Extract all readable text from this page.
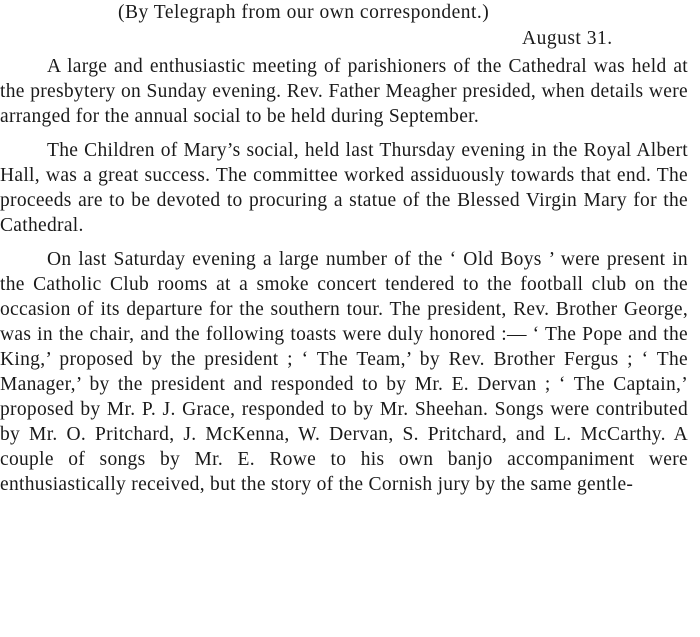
(By Telegraph from our own correspondent.)
August 31.

A large and enthusiastic meeting of parishioners of the Cathedral was held at the presbytery on Sunday evening. Rev. Father Meagher presided, when details were arranged for the annual social to be held during September.

The Children of Mary’s social, held last Thursday evening in the Royal Albert Hall, was a great success. The committee worked assiduously towards that end. The proceeds are to be devoted to procuring a statue of the Blessed Virgin Mary for the Cathedral.

On last Saturday evening a large number of the ‘ Old Boys ’ were present in the Catholic Club rooms at a smoke concert tendered to the football club on the occasion of its departure for the southern tour. The president, Rev. Brother George, was in the chair, and the following toasts were duly honored :— ‘ The Pope and the King,’ proposed by the president ; ‘ The Team,’ by Rev. Brother Fergus ; ‘ The Manager,’ by the president and responded to by Mr. E. Dervan ; ‘ The Captain,’ proposed by Mr. P. J. Grace, responded to by Mr. Sheehan. Songs were contributed by Mr. O. Pritchard, J. McKenna, W. Dervan, S. Pritchard, and L. McCarthy. A couple of songs by Mr. E. Rowe to his own banjo accompaniment were enthusiastically received, but the story of the Cornish jury by the same gentle-
